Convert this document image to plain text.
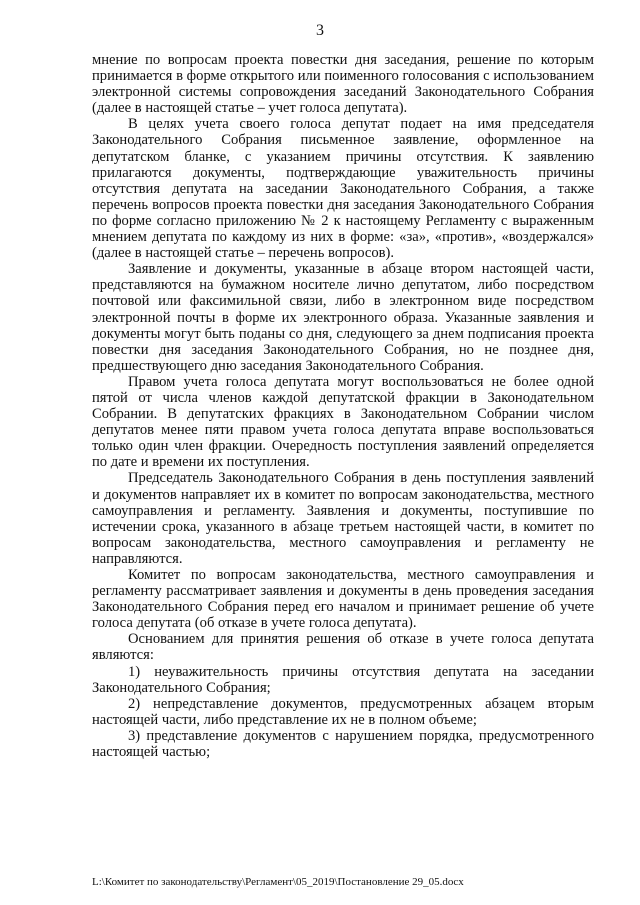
3

мнение по вопросам проекта повестки дня заседания, решение по которым принимается в форме открытого или поименного голосования с использованием электронной системы сопровождения заседаний Законодательного Собрания (далее в настоящей статье – учет голоса депутата).

В целях учета своего голоса депутат подает на имя председателя Законодательного Собрания письменное заявление, оформленное на депутатском бланке, с указанием причины отсутствия. К заявлению прилагаются документы, подтверждающие уважительность причины отсутствия депутата на заседании Законодательного Собрания, а также перечень вопросов проекта повестки дня заседания Законодательного Собрания по форме согласно приложению № 2 к настоящему Регламенту с выраженным мнением депутата по каждому из них в форме: «за», «против», «воздержался» (далее в настоящей статье – перечень вопросов).

Заявление и документы, указанные в абзаце втором настоящей части, представляются на бумажном носителе лично депутатом, либо посредством почтовой или факсимильной связи, либо в электронном виде посредством электронной почты в форме их электронного образа. Указанные заявления и документы могут быть поданы со дня, следующего за днем подписания проекта повестки дня заседания Законодательного Собрания, но не позднее дня, предшествующего дню заседания Законодательного Собрания.

Правом учета голоса депутата могут воспользоваться не более одной пятой от числа членов каждой депутатской фракции в Законодательном Собрании. В депутатских фракциях в Законодательном Собрании числом депутатов менее пяти правом учета голоса депутата вправе воспользоваться только один член фракции. Очередность поступления заявлений определяется по дате и времени их поступления.

Председатель Законодательного Собрания в день поступления заявлений и документов направляет их в комитет по вопросам законодательства, местного самоуправления и регламенту. Заявления и документы, поступившие по истечении срока, указанного в абзаце третьем настоящей части, в комитет по вопросам законодательства, местного самоуправления и регламенту не направляются.

Комитет по вопросам законодательства, местного самоуправления и регламенту рассматривает заявления и документы в день проведения заседания Законодательного Собрания перед его началом и принимает решение об учете голоса депутата (об отказе в учете голоса депутата).

Основанием для принятия решения об отказе в учете голоса депутата являются:

1) неуважительность причины отсутствия депутата на заседании Законодательного Собрания;

2) непредставление документов, предусмотренных абзацем вторым настоящей части, либо представление их не в полном объеме;

3) представление документов с нарушением порядка, предусмотренного настоящей частью;

L:\Комитет по законодательству\Регламент\05_2019\Постановление 29_05.docx
